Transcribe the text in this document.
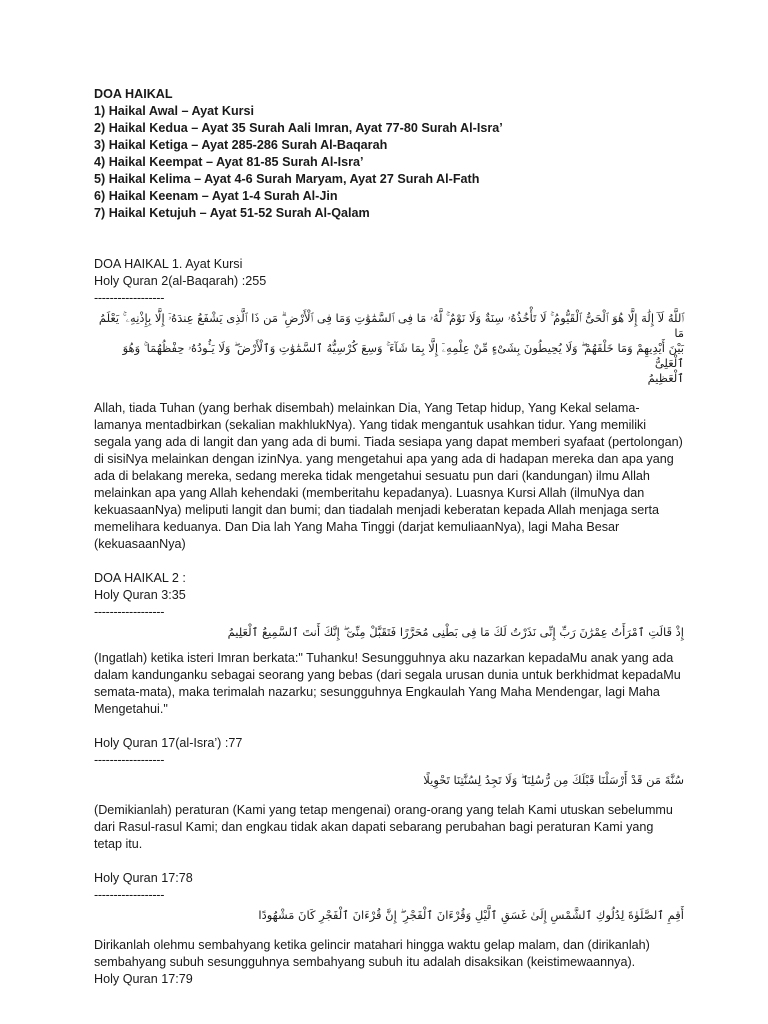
DOA HAIKAL
1) Haikal Awal – Ayat Kursi
2) Haikal Kedua – Ayat 35 Surah Aali Imran, Ayat 77-80 Surah Al-Isra’
3) Haikal Ketiga – Ayat 285-286 Surah Al-Baqarah
4) Haikal Keempat – Ayat 81-85 Surah Al-Isra’
5) Haikal Kelima – Ayat 4-6 Surah Maryam, Ayat 27 Surah Al-Fath
6) Haikal Keenam – Ayat 1-4 Surah Al-Jin
7) Haikal Ketujuh – Ayat 51-52 Surah Al-Qalam
DOA HAIKAL 1. Ayat Kursi
Holy Quran 2(al-Baqarah) :255
------------------
ٱللَّهُ لَآ إِلَٰهَ إِلَّا هُوَ ٱلْحَىُّ ٱلْقَيُّومُ ۚ لَا تَأْخُذُهُۥ سِنَةٌ وَلَا نَوْمٌ ۚ لَّهُۥ مَا فِى ٱلسَّمَٰوَٰتِ وَمَا فِى ٱلْأَرْضِ ۗ مَن ذَا ٱلَّذِى يَشْفَعُ عِندَهُۥٓ إِلَّا بِإِذْنِهِۦ ۚ يَعْلَمُ مَا
بَيْنَ أَيْدِيهِمْ وَمَا خَلْفَهُمْ ۖ وَلَا يُحِيطُونَ بِشَىْءٍ مِّنْ عِلْمِهِۦٓ إِلَّا بِمَا شَآءَ ۚ وَسِعَ كُرْسِيُّهُ ٱلسَّمَٰوَٰتِ وَٱلْأَرْضَ ۖ وَلَا يَـُٔودُهُۥ حِفْظُهُمَا ۚ وَهُوَ ٱلْعَلِىُّ
ٱلْعَظِيمُ
Allah, tiada Tuhan (yang berhak disembah) melainkan Dia, Yang Tetap hidup, Yang Kekal selama-lamanya mentadbirkan (sekalian makhlukNya). Yang tidak mengantuk usahkan tidur. Yang memiliki segala yang ada di langit dan yang ada di bumi. Tiada sesiapa yang dapat memberi syafaat (pertolongan) di sisiNya melainkan dengan izinNya. yang mengetahui apa yang ada di hadapan mereka dan apa yang ada di belakang mereka, sedang mereka tidak mengetahui sesuatu pun dari (kandungan) ilmu Allah melainkan apa yang Allah kehendaki (memberitahu kepadanya). Luasnya Kursi Allah (ilmuNya dan kekuasaanNya) meliputi langit dan bumi; dan tiadalah menjadi keberatan kepada Allah menjaga serta memelihara keduanya. Dan Dia lah Yang Maha Tinggi (darjat kemuliaanNya), lagi Maha Besar (kekuasaanNya)
DOA HAIKAL 2 :
Holy Quran 3:35
------------------
إِذْ قَالَتِ ٱمْرَأَتُ عِمْرَٰنَ رَبِّ إِنِّى نَذَرْتُ لَكَ مَا فِى بَطْنِى مُحَرَّرًا فَتَقَبَّلْ مِنِّىٓ ۖ إِنَّكَ أَنتَ ٱلسَّمِيعُ ٱلْعَلِيمُ
(Ingatlah) ketika isteri Imran berkata:" Tuhanku! Sesungguhnya aku nazarkan kepadaMu anak yang ada dalam kandunganku sebagai seorang yang bebas (dari segala urusan dunia untuk berkhidmat kepadaMu semata-mata), maka terimalah nazarku; sesungguhnya Engkaulah Yang Maha Mendengar, lagi Maha Mengetahui."
Holy Quran 17(al-Isra’) :77
------------------
سُنَّةَ مَن قَدْ أَرْسَلْنَا قَبْلَكَ مِن رُّسُلِنَا ۖ وَلَا تَجِدُ لِسُنَّتِنَا تَحْوِيلًا
(Demikianlah) peraturan (Kami yang tetap mengenai) orang-orang yang telah Kami utuskan sebelummu dari Rasul-rasul Kami; dan engkau tidak akan dapati sebarang perubahan bagi peraturan Kami yang tetap itu.
Holy Quran 17:78
------------------
أَقِمِ ٱلصَّلَوٰةَ لِدُلُوكِ ٱلشَّمْسِ إِلَىٰ غَسَقِ ٱلَّيْلِ وَقُرْءَانَ ٱلْفَجْرِ ۖ إِنَّ قُرْءَانَ ٱلْفَجْرِ كَانَ مَشْهُودًا
Dirikanlah olehmu sembahyang ketika gelincir matahari hingga waktu gelap malam, dan (dirikanlah) sembahyang subuh sesungguhnya sembahyang subuh itu adalah disaksikan (keistimewaannya).
Holy Quran 17:79
